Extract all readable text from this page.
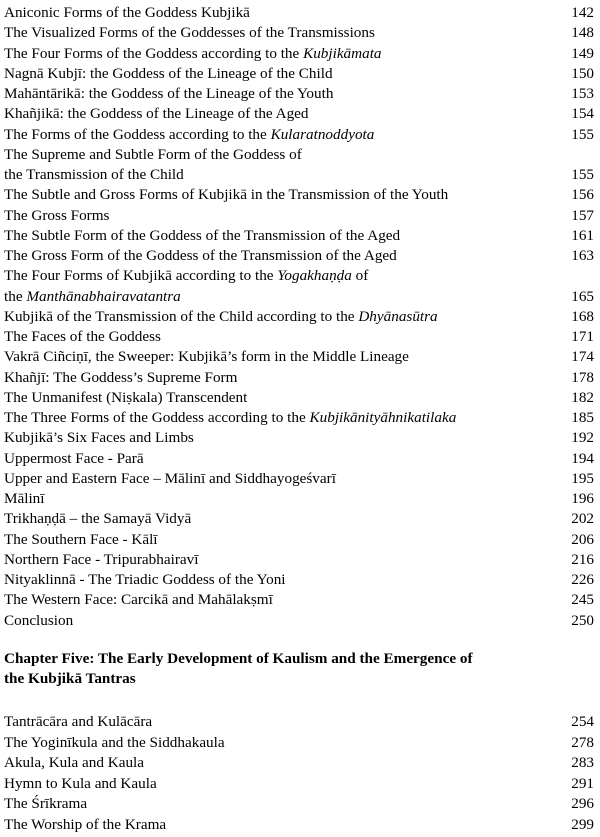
Aniconic Forms of the Goddess Kubjikā	142
The Visualized Forms of the Goddesses of the Transmissions	148
The Four Forms of the Goddess according to the Kubjikāmata	149
Nagnā Kubjī: the Goddess of the Lineage of the Child	150
Mahāntārikā: the Goddess of the Lineage of the Youth	153
Khañjikā: the Goddess of the Lineage of the Aged	154
The Forms of the Goddess according to the Kularatnoddyota	155
The Supreme and Subtle Form of the Goddess of
the Transmission of the Child	155
The Subtle and Gross Forms of Kubjikā in the Transmission of the Youth	156
The Gross Forms	157
The Subtle Form of the Goddess of the Transmission of the Aged	161
The Gross Form of the Goddess of the Transmission of the Aged	163
The Four Forms of Kubjikā according to the Yogakhaṇḍa of
the Manthānabhairavatantra	165
Kubjikā of the Transmission of the Child according to the Dhyānasūtra	168
The Faces of the Goddess	171
Vakrā Ciñciṇī, the Sweeper: Kubjikā’s form in the Middle Lineage	174
Khañjī: The Goddess’s Supreme Form	178
The Unmanifest (Niṣkala) Transcendent	182
The Three Forms of the Goddess according to the Kubjikānityāhnikatilaka	185
Kubjikā’s Six Faces and Limbs	192
Uppermost Face - Parā	194
Upper and Eastern Face – Mālinī and Siddhayogeśvarī	195
Mālinī	196
Trikhaṇḍā – the Samayā Vidyā	202
The Southern Face - Kālī	206
Northern Face - Tripurabhairavī	216
Nityaklinnā - The Triadic Goddess of the Yoni	226
The Western Face: Carcikā and Mahālakṣmī	245
Conclusion	250
Chapter Five: The Early Development of Kaulism and the Emergence of
the Kubjikā Tantras
Tantrācāra and Kulācāra	254
The Yoginīkula and the Siddhakaula	278
Akula, Kula and Kaula	283
Hymn to Kula and Kaula	291
The Śrīkrama	296
The Worship of the Krama	299
